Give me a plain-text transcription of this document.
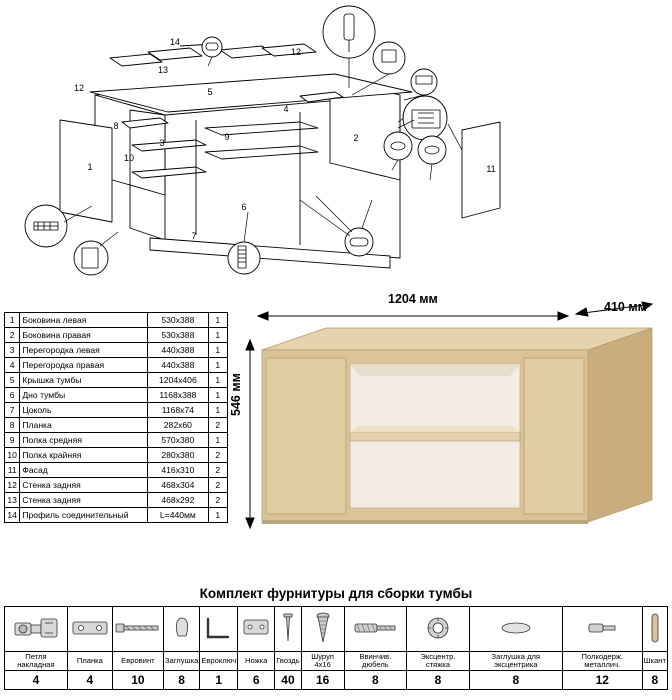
14
13
12
12
5
4
8
3
9
1
10
2
6
7
11
1	Боковина левая	530х388	1
2	Боковина правая	530х388	1
3	Перегородка левая	440х388	1
4	Перегородка правая	440х388	1
5	Крышка тумбы	1204х406	1
6	Дно тумбы	1168х388	1
7	Цоколь	1168х74	1
8	Планка	282х60	2
9	Полка средняя	570х380	1
10	Полка крайняя	280х380	2
11	Фасад	416х310	2
12	Стенка задняя	468х304	2
13	Стенка задняя	468х292	2
14	Профиль соединительный	L=440мм	1
1204 мм
410 мм
546 мм
Комплект фурнитуры для сборки тумбы

Петля накладная	Планка	Евровинт	Заглушка	Евроключ	Ножка	Гвоздь	Шуруп 4х16	Ввинчив. дюбель	Эксцентр. стяжка	Заглушка для эксцентрика	Полкодерж. металлич.	Шкант
4	4	10	8	1	6	40	16	8	8	8	12	8
